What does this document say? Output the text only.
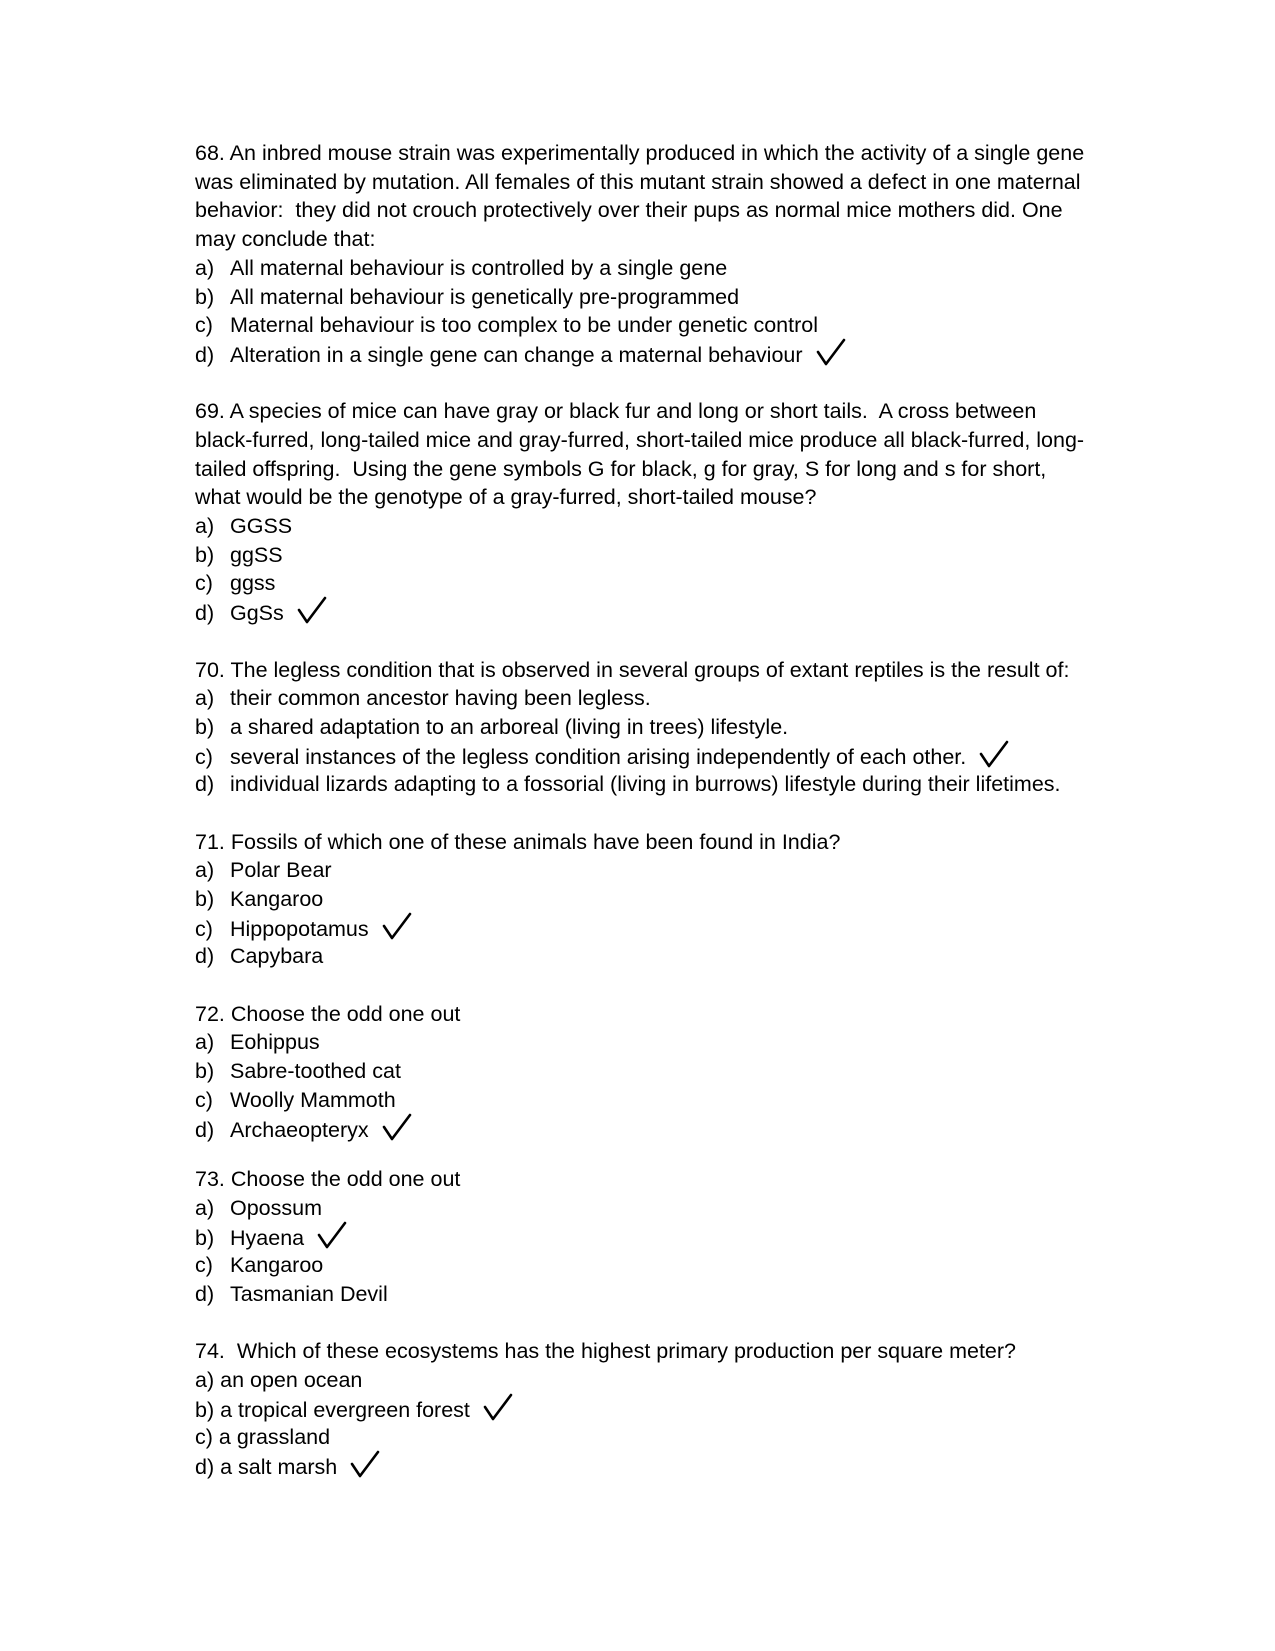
68. An inbred mouse strain was experimentally produced in which the activity of a single gene was eliminated by mutation. All females of this mutant strain showed a defect in one maternal behavior:  they did not crouch protectively over their pups as normal mice mothers did. One may conclude that:

a) All maternal behaviour is controlled by a single gene
b) All maternal behaviour is genetically pre-programmed
c) Maternal behaviour is too complex to be under genetic control
d) Alteration in a single gene can change a maternal behaviour

69. A species of mice can have gray or black fur and long or short tails.  A cross between black-furred, long-tailed mice and gray-furred, short-tailed mice produce all black-furred, long-tailed offspring.  Using the gene symbols G for black, g for gray, S for long and s for short, what would be the genotype of a gray-furred, short-tailed mouse?

a) GGSS
b) ggSS
c) ggss
d) GgSs

70. The legless condition that is observed in several groups of extant reptiles is the result of:

a) their common ancestor having been legless.
b) a shared adaptation to an arboreal (living in trees) lifestyle.
c) several instances of the legless condition arising independently of each other.
d) individual lizards adapting to a fossorial (living in burrows) lifestyle during their lifetimes.

71. Fossils of which one of these animals have been found in India?

a) Polar Bear
b) Kangaroo
c) Hippopotamus
d) Capybara

72. Choose the odd one out

a) Eohippus
b) Sabre-toothed cat
c) Woolly Mammoth
d) Archaeopteryx

73. Choose the odd one out

a) Opossum
b) Hyaena
c) Kangaroo
d) Tasmanian Devil

74.  Which of these ecosystems has the highest primary production per square meter?

a) an open ocean
b) a tropical evergreen forest
c) a grassland
d) a salt marsh
